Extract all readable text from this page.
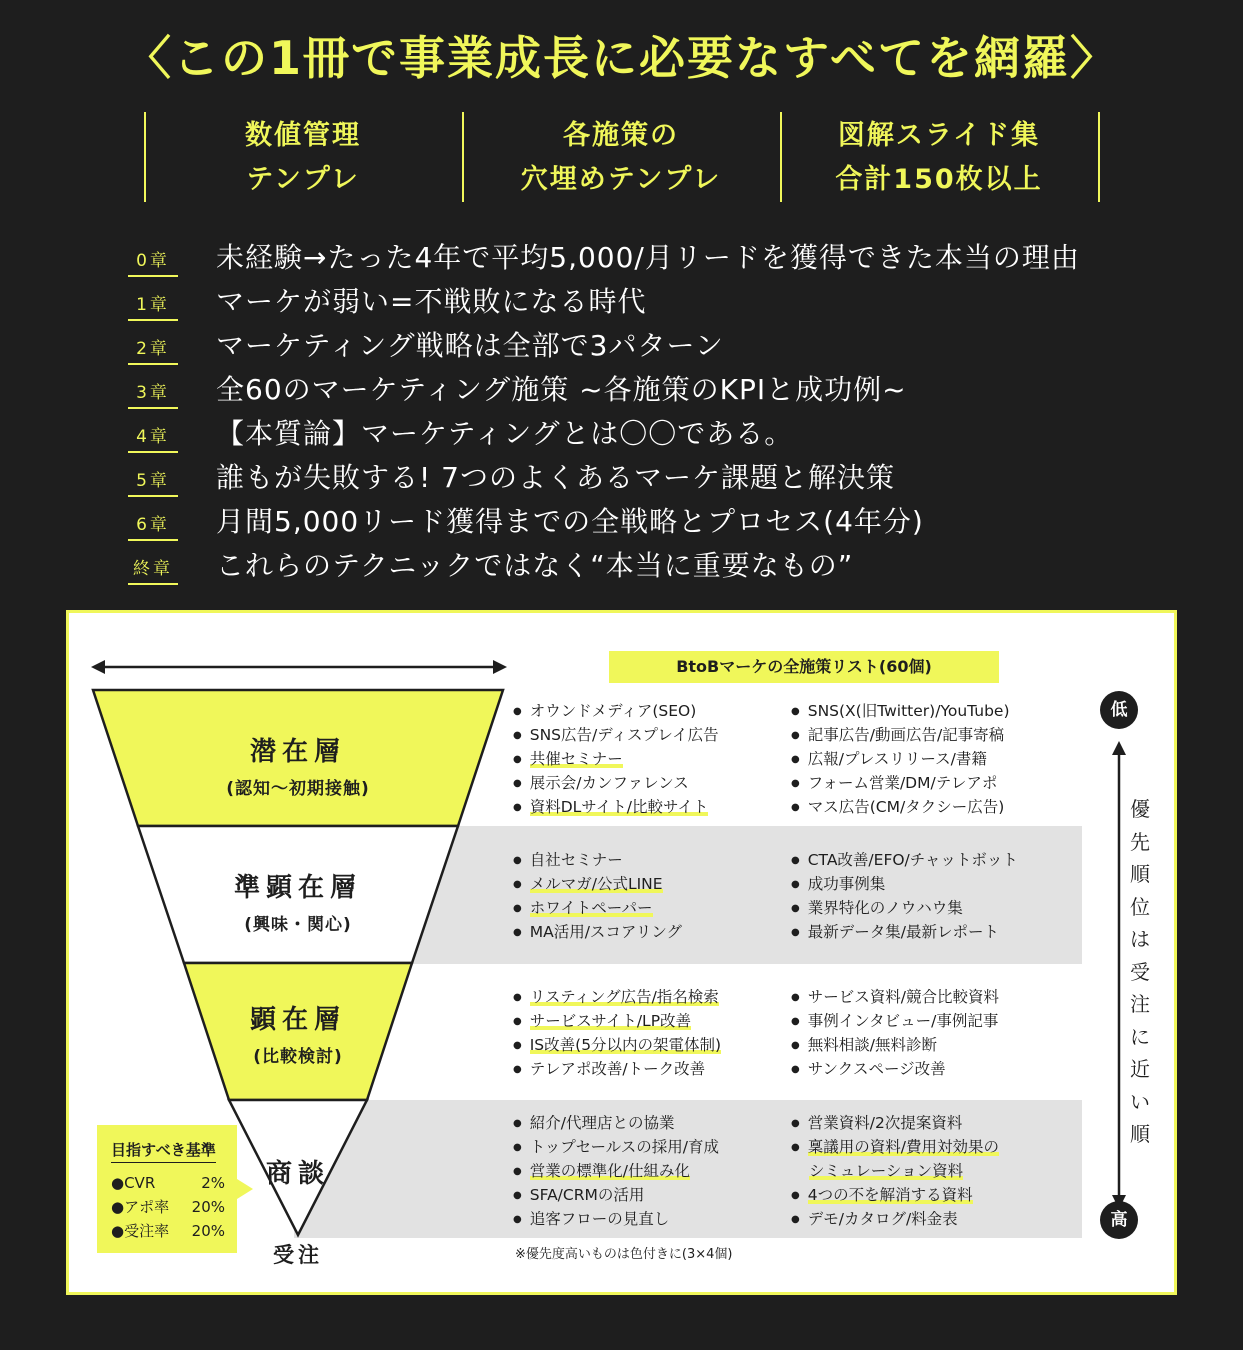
〈この1冊で事業成長に必要なすべてを網羅〉
数値管理
テンプレ
各施策の
穴埋めテンプレ
図解スライド集
合計150枚以上
0章 未経験→たった4年で平均5,000/月リードを獲得できた本当の理由
1章 マーケが弱い=不戦敗になる時代
2章 マーケティング戦略は全部で3パターン
3章 全60のマーケティング施策 ~各施策のKPIと成功例~
4章 【本質論】マーケティングとは〇〇である。
5章 誰もが失敗する! 7つのよくあるマーケ課題と解決策
6章 月間5,000リード獲得までの全戦略とプロセス(4年分)
終章 これらのテクニックではなく“本当に重要なもの”
潜在層
(認知〜初期接触)
準顕在層
(興味・関心)
顕在層
(比較検討)
商談
受注
BtoBマーケの全施策リスト(60個)
● オウンドメディア(SEO)
● SNS広告/ディスプレイ広告
● 共催セミナー
● 展示会/カンファレンス
● 資料DLサイト/比較サイト
● SNS(X(旧Twitter)/YouTube)
● 記事広告/動画広告/記事寄稿
● 広報/プレスリリース/書籍
● フォーム営業/DM/テレアポ
● マス広告(CM/タクシー広告)
● 自社セミナー
● メルマガ/公式LINE
● ホワイトペーパー
● MA活用/スコアリング
● CTA改善/EFO/チャットボット
● 成功事例集
● 業界特化のノウハウ集
● 最新データ集/最新レポート
● リスティング広告/指名検索
● サービスサイト/LP改善
● IS改善(5分以内の架電体制)
● テレアポ改善/トーク改善
● サービス資料/競合比較資料
● 事例インタビュー/事例記事
● 無料相談/無料診断
● サンクスページ改善
● 紹介/代理店との協業
● トップセールスの採用/育成
● 営業の標準化/仕組み化
● SFA/CRMの活用
● 追客フローの見直し
● 営業資料/2次提案資料
● 稟議用の資料/費用対効果の
シミュレーション資料
● 4つの不を解消する資料
● デモ/カタログ/料金表
低
優先順位は受注に近い順
高
目指すべき基準
●CVR	2%
●アポ率 20%
●受注率 20%
※優先度高いものは色付きに(3×4個)
